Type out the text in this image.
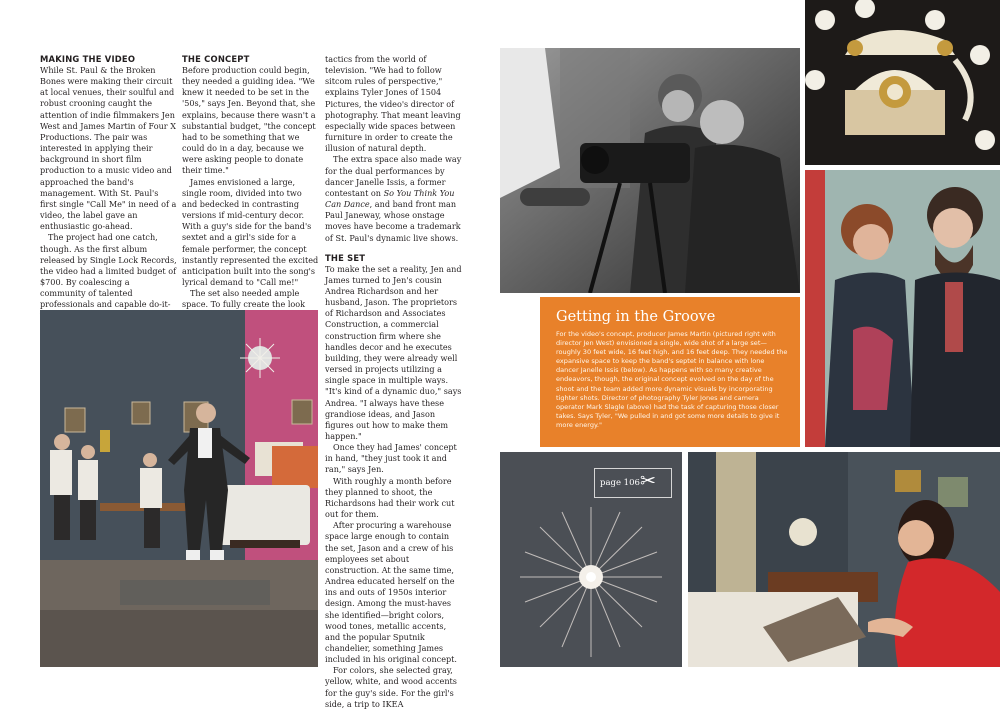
MAKING THE VIDEO

While St. Paul & the Broken Bones were making their circuit at local venues, their soulful and robust crooning caught the attention of indie filmmakers Jen West and James Martin of Four X Productions. The pair was interested in applying their background in short film production to a music video and approached the band's management. With St. Paul's first single "Call Me" in need of a video, the label gave an enthusiastic go-ahead.

The project had one catch, though. As the first album released by Single Lock Records, the video had a limited budget of $700. By coalescing a community of talented professionals and capable do-it-

THE CONCEPT

Before production could begin, they needed a guiding idea. "We knew it needed to be set in the '50s," says Jen. Beyond that, she explains, because there wasn't a substantial budget, "the concept had to be something that we could do in a day, because we were asking people to donate their time."

James envisioned a large, single room, divided into two and bedecked in contrasting versions if mid-century decor. With a guy's side for the band's sextet and a girl's side for a female performer, the concept instantly represented the excited anticipation built into the song's lyrical demand to "Call me!"

The set also needed ample space. To fully create the look

tactics from the world of television. "We had to follow sitcom rules of perspective," explains Tyler Jones of 1504 Pictures, the video's director of photography. That meant leaving especially wide spaces between furniture in order to create the illusion of natural depth.

The extra space also made way for the dual performances by dancer Janelle Issis, a former contestant on So You Think You Can Dance, and band front man Paul Janeway, whose onstage moves have become a trademark of St. Paul's dynamic live shows.

THE SET

To make the set a reality, Jen and James turned to Jen's cousin Andrea Richardson and her husband, Jason. The proprietors of Richardson and Associates Construction, a commercial construction firm where she handles decor and he executes building, they were already well versed in projects utilizing a single space in multiple ways. "It's kind of a dynamic duo," says Andrea. "I always have these grandiose ideas, and Jason figures out how to make them happen."

Once they had James' concept in hand, "they just took it and ran," says Jen.

With roughly a month before they planned to shoot, the Richardsons had their work cut out for them.

After procuring a warehouse space large enough to contain the set, Jason and a crew of his employees set about construction. At the same time, Andrea educated herself on the ins and outs of 1950s interior design. Among the must-haves she identified—bright colors, wood tones, metallic accents, and the popular Sputnik chandelier, something James included in his original concept.

For colors, she selected gray, yellow, white, and wood accents for the guy's side. For the girl's side, a trip to IKEA

Getting in the Groove

For the video's concept, producer James Martin (pictured right with director Jen West) envisioned a single, wide shot of a large set—roughly 30 feet wide, 16 feet high, and 16 feet deep. They needed the expansive space to keep the band's septet in balance with lone dancer Janelle Issis (below). As happens with so many creative endeavors, though, the original concept evolved on the day of the shoot and the team added more dynamic visuals by incorporating tighter shots. Director of photography Tyler Jones and camera operator Mark Slagle (above) had the task of capturing those closer takes. Says Tyler, "We pulled in and got some more details to give it more energy."

page 106 ✂
